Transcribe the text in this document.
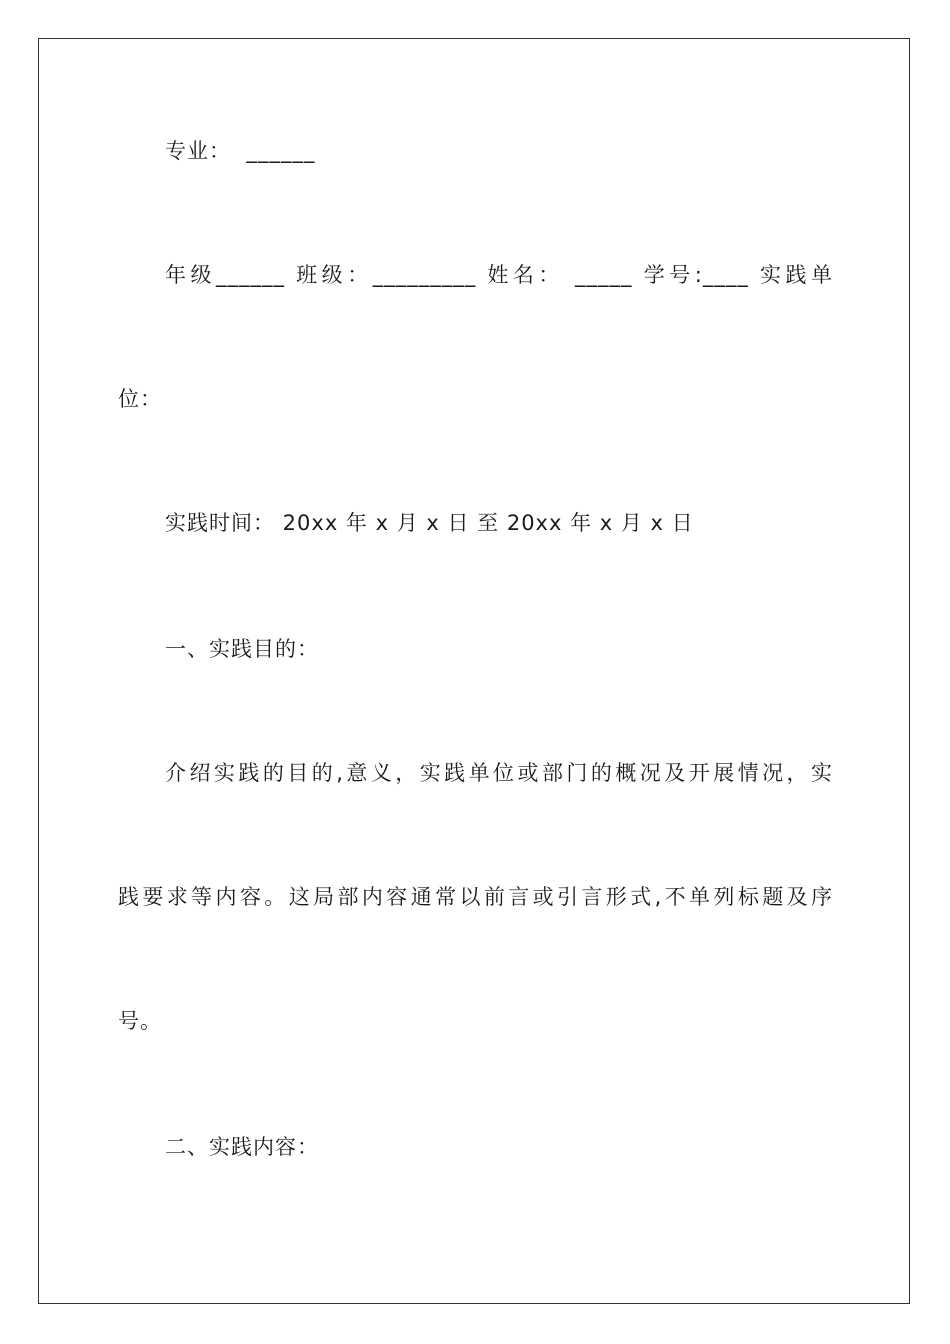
专业：  ______
年级______ 班级：_________ 姓名： _____ 学号:____ 实践单
位：
实践时间： 20xx 年 x 月 x 日 至 20xx 年 x 月 x 日
一、实践目的：
介绍实践的目的,意义，实践单位或部门的概况及开展情况，实
践要求等内容。这局部内容通常以前言或引言形式,不单列标题及序
号。
二、实践内容：
